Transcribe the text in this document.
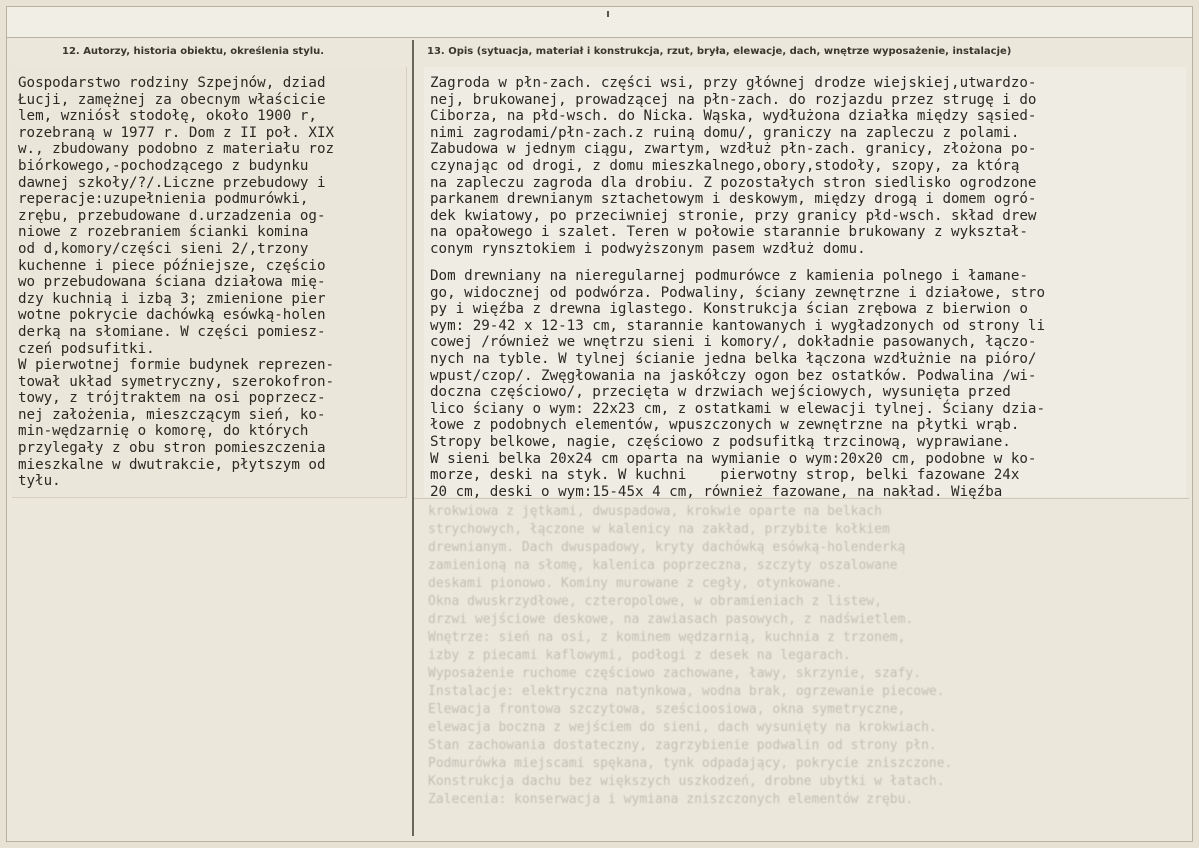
12. Autorzy, historia obiektu, określenia stylu.	13. Opis (sytuacja, materiał i konstrukcja, rzut, bryła, elewacje, dach, wnętrze wyposażenie, instalacje)
Gospodarstwo rodziny Szpejnów, dziad
Łucji, zamężnej za obecnym właściciе
lem, wzniósł stodołę, około 1900 r,
rozebraną w 1977 r. Dom z II poł. XIX
w., zbudowany podobno z materiału roz
biórkowego,-pochodzącego z budynku
dawnej szkoły/?/.Liczne przebudowy i
reperacje:uzupełnienia podmurówki,
zrębu, przebudowane d.urzadzenia og-
niowe z rozebraniem ścianki komina
od d,komory/części sieni 2/,trzony
kuchenne i piece późniejsze, częścio
wo przebudowana ściana działowa mię-
dzy kuchnią i izbą 3; zmienione pier
wotne pokrycie dachówką esówką-holen
derką na słomiane. W części pomiesz-
czeń podsufitki.
W pierwotnej formie budynek reprezen-
tował układ symetryczny, szerokofron-
towy, z trójtraktem na osi poprzecz-
nej założenia, mieszczącym sień, ko-
min-wędzarnię o komorę, do których
przylegały z obu stron pomieszczenia
mieszkalne w dwutrakcie, płytszym od
tyłu.
Zagroda w płn-zach. części wsi, przy głównej drodze wiejskiej,utwardzo-
nej, brukowanej, prowadzącej na płn-zach. do rozjazdu przez strugę i do
Ciborza, na płd-wsch. do Nicka. Wąska, wydłużona działka między sąsied-
nimi zagrodami/płn-zach.z ruiną domu/, graniczy na zapleczu z polami.
Zabudowa w jednym ciągu, zwartym, wzdłuż płn-zach. granicy, złożona po-
czynając od drogi, z domu mieszkalnego,obory,stodoły, szopy, za którą
na zapleczu zagroda dla drobiu. Z pozostałych stron siedlisko ogrodzone
parkanem drewnianym sztachetowym i deskowym, między drogą i domem ogró-
dek kwiatowy, po przeciwniej stronie, przy granicy płd-wsch. skład drew
na opałowego i szalet. Teren w połowie starannie brukowany z wykształ-
conym rynsztokiem i podwyższonym pasem wzdłuż domu.
Dom drewniany na nieregularnej podmurówce z kamienia polnego i łamane-
go, widocznej od podwórza. Podwaliny, ściany zewnętrzne i działowe, stro
py i więźba z drewna iglastego. Konstrukcja ścian zrębowa z bierwion o
wym: 29-42 x 12-13 cm, starannie kantowanych i wygładzonych od strony li
cowej /również we wnętrzu sieni i komory/, dokładnie pasowanych, łączo-
nych na tyble. W tylnej ścianie jedna belka łączona wzdłużnie na pióro/
wpust/czop/. Zwęgłowania na jaskółczy ogon bez ostatków. Podwalina /wi-
doczna częściowo/, przecięta w drzwiach wejściowych, wysunięta przed
lico ściany o wym: 22x23 cm, z ostatkami w elewacji tylnej. Ściany dzia-
łowe z podobnych elementów, wpuszczonych w zewnętrzne na płytki wrąb.
Stropy belkowe, nagie, częściowo z podsufitką trzcinową, wyprawiane.
W sieni belka 20x24 cm oparta na wymianie o wym:20x20 cm, podobne w ko-
morze, deski na styk. W kuchni    pierwotny strop, belki fazowane 24x
20 cm, deski o wym:15-45x 4 cm, również fazowane, na nakład. Więźba
krokwiowa z jętkami, dwuspadowa, krokwie oparte na belkach
strychowych, łączone w kalenicy na zakład, przybite kołkiem
drewnianym. Dach dwuspadowy, kryty dachówką esówką-holenderką
zamienioną na słomę, kalenica poprzeczna, szczyty oszalowane
deskami pionowo. Kominy murowane z cegły, otynkowane.
Okna dwuskrzydłowe, czteropolowe, w obramieniach z listew,
drzwi wejściowe deskowe, na zawiasach pasowych, z nadświetlem.
Wnętrze: sień na osi, z kominem wędzarnią, kuchnia z trzonem,
izby z piecami kaflowymi, podłogi z desek na legarach.
Wyposażenie ruchome częściowo zachowane, ławy, skrzynie, szafy.
Instalacje: elektryczna natynkowa, wodna brak, ogrzewanie piecowe.
Elewacja frontowa szczytowa, sześcioosiowa, okna symetryczne,
elewacja boczna z wejściem do sieni, dach wysunięty na krokwiach.
Stan zachowania dostateczny, zagrzybienie podwalin od strony płn.
Podmurówka miejscami spękana, tynk odpadający, pokrycie zniszczone.
Konstrukcja dachu bez większych uszkodzeń, drobne ubytki w łatach.
Zalecenia: konserwacja i wymiana zniszczonych elementów zrębu.
